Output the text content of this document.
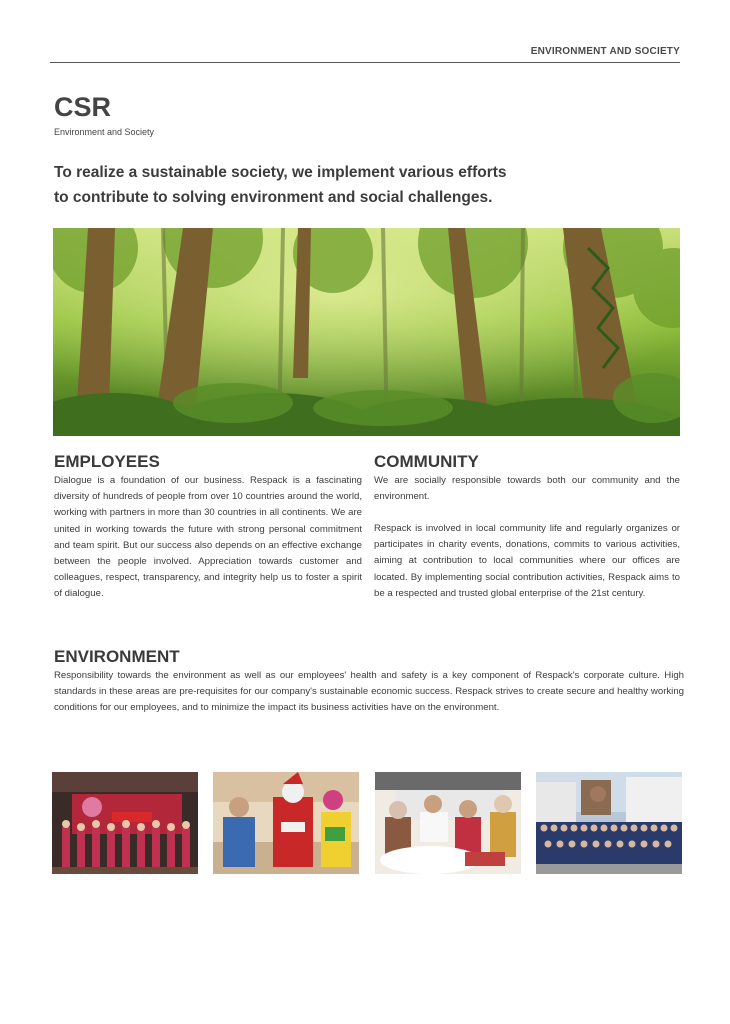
ENVIRONMENT AND SOCIETY
CSR
Environment and Society
To realize a sustainable society, we implement various efforts
to contribute to solving environment and social challenges.
EMPLOYEES

Dialogue is a foundation of our business. Respack is a fascinating diversity of hundreds of people from over 10 countries around the world, working with partners in more than 30 countries in all continents. We are united in working towards the future with strong personal commitment and team spirit. But our success also depends on an effective exchange between the people involved. Appreciation towards customer and colleagues, respect, transparency, and integrity help us to foster a spirit of dialogue.

COMMUNITY

We are socially responsible towards both our community and the environment.

Respack is involved in local community life and regularly organizes or participates in charity events, donations, commits to various activities, aiming at contribution to local communities where our offices are located. By implementing social contribution activities, Respack aims to be a respected and trusted global enterprise of the 21st century.

ENVIRONMENT

Responsibility towards the environment as well as our employees' health and safety is a key component of Respack's corporate culture. High standards in these areas are pre-requisites for our company's sustainable economic success. Respack strives to create secure and healthy working conditions for our employees, and to minimize the impact its business activities have on the environment.
